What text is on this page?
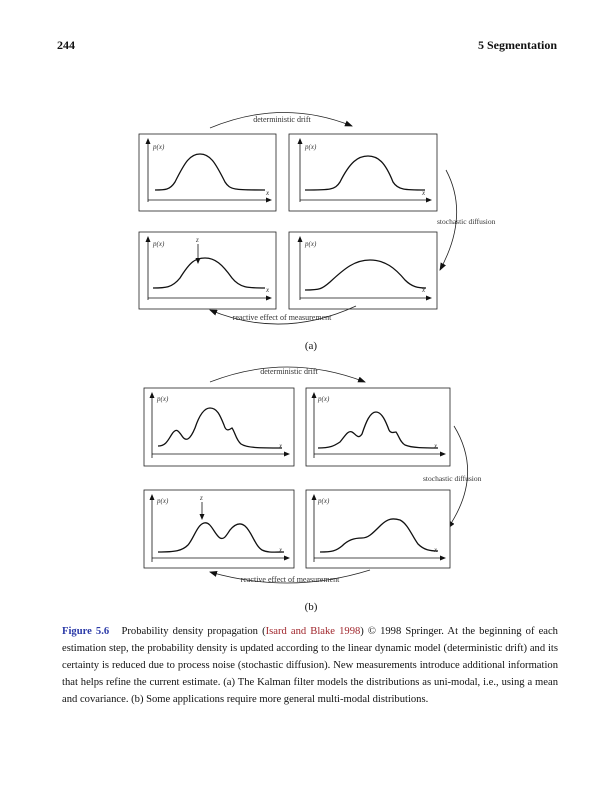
244	5 Segmentation
deterministic drift
p(x)
x
p(x)
x
stochastic diffusion
z
p(x)
x
p(x)
x
reactive effect of measurement
(a)
deterministic drift
p(x)
x
p(x)
x
stochastic diffusion
z
p(x)
x
p(x)
x
reactive effect of measurement
(b)
Figure 5.6 Probability density propagation (Isard and Blake 1998) © 1998 Springer. At the beginning of each estimation step, the probability density is updated according to the linear dynamic model (deterministic drift) and its certainty is reduced due to process noise (stochastic diffusion). New measurements introduce additional information that helps refine the current estimate. (a) The Kalman filter models the distributions as uni-modal, i.e., using a mean and covariance. (b) Some applications require more general multi-modal distributions.
